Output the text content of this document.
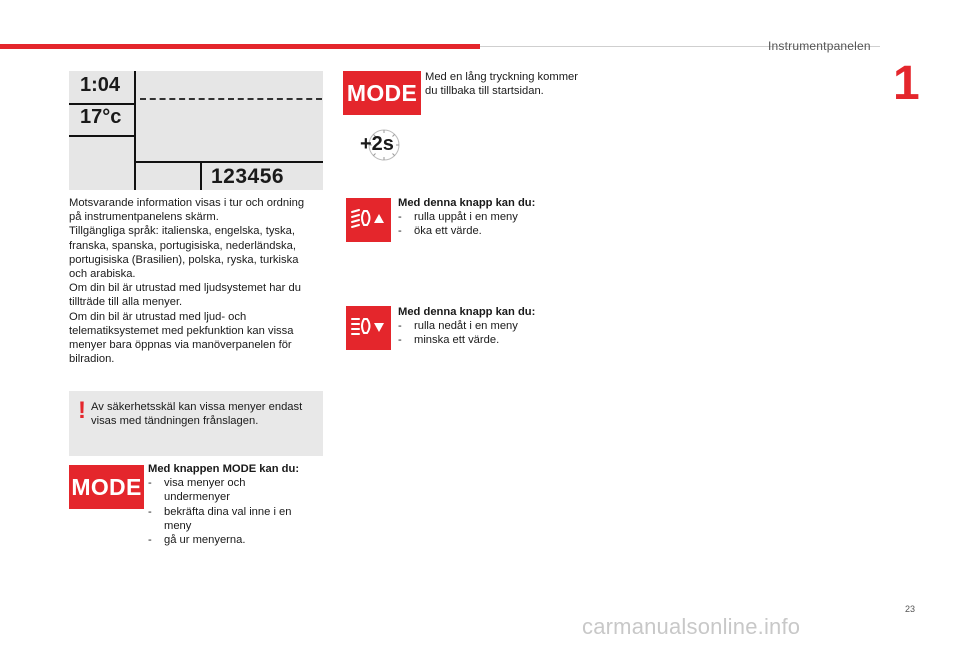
Instrumentpanelen
1
1:04
17°c
123456
Motsvarande information visas i tur och ordning
på instrumentpanelens skärm.
Tillgängliga språk: italienska, engelska, tyska,
franska, spanska, portugisiska, nederländska,
portugisiska (Brasilien), polska, ryska, turkiska
och arabiska.
Om din bil är utrustad med ljudsystemet har du
tillträde till alla menyer.
Om din bil är utrustad med ljud- och
telematiksystemet med pekfunktion kan vissa
menyer bara öppnas via manöverpanelen för
bilradion.
! Av säkerhetsskäl kan vissa menyer endast
visas med tändningen frånslagen.
MODE
Med knappen MODE kan du:
- visa menyer och
undermenyer
- bekräfta dina val inne i en
meny
- gå ur menyerna.
MODE
Med en lång tryckning kommer
du tillbaka till startsidan.
+2s
Med denna knapp kan du:
- rulla uppåt i en meny
- öka ett värde.
Med denna knapp kan du:
- rulla nedåt i en meny
- minska ett värde.
23
carmanualsonline.info
